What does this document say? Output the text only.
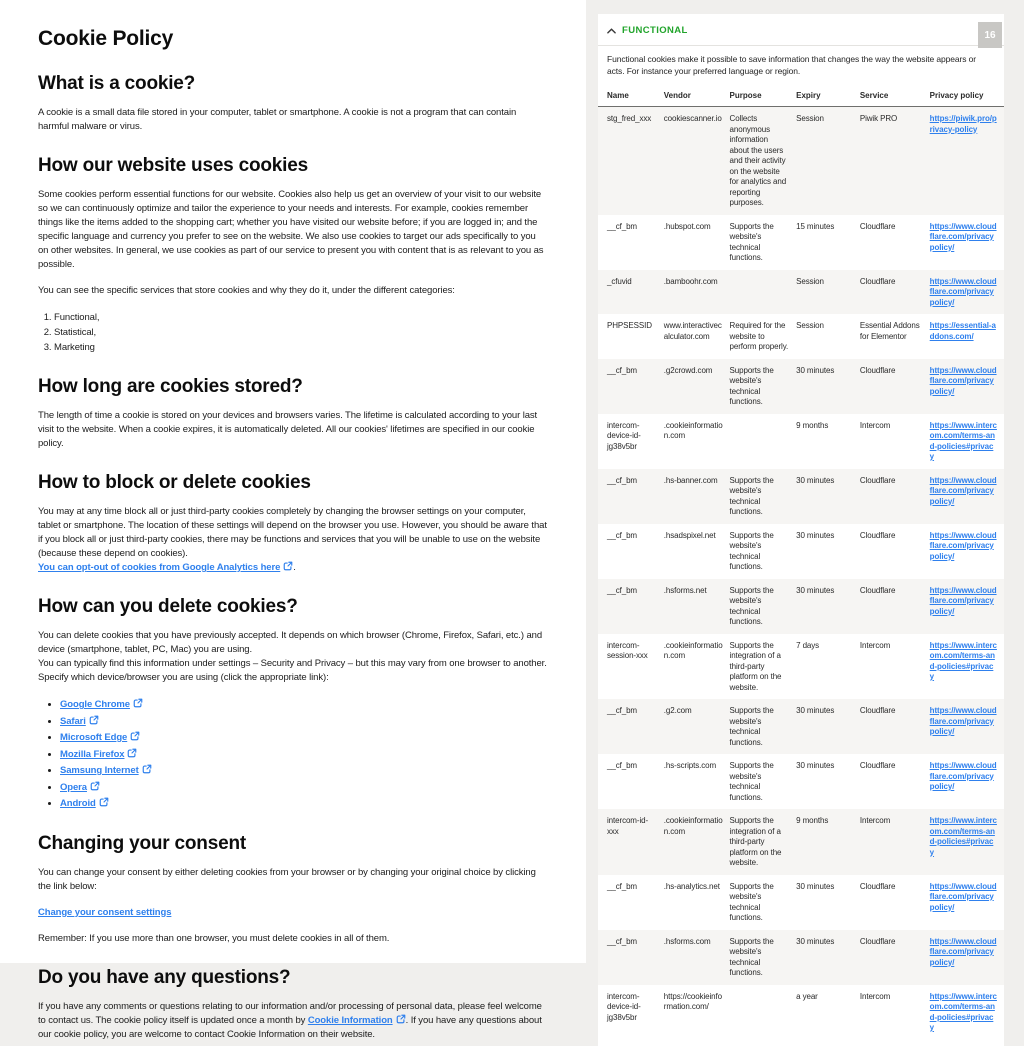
Cookie Policy
What is a cookie?

A cookie is a small data file stored in your computer, tablet or smartphone. A cookie is not a program that can contain harmful malware or virus.

How our website uses cookies

Some cookies perform essential functions for our website. Cookies also help us get an overview of your visit to our website so we can continuously optimize and tailor the experience to your needs and interests. For example, cookies remember things like the items added to the shopping cart; whether you have visited our website before; if you are logged in; and the specific language and currency you prefer to see on the website. We also use cookies to target our ads specifically to you on other websites. In general, we use cookies as part of our service to present you with content that is as relevant to you as possible.

You can see the specific services that store cookies and why they do it, under the different categories:

1. Functional,
2. Statistical,
3. Marketing
How long are cookies stored?

The length of time a cookie is stored on your devices and browsers varies. The lifetime is calculated according to your last visit to the website. When a cookie expires, it is automatically deleted. All our cookies' lifetimes are specified in our cookie policy.

How to block or delete cookies

You may at any time block all or just third-party cookies completely by changing the browser settings on your computer, tablet or smartphone. The location of these settings will depend on the browser you use. However, you should be aware that if you block all or just third-party cookies, there may be functions and services that you will be unable to use on the website (because these depend on cookies).
You can opt-out of cookies from Google Analytics here .

How can you delete cookies?

You can delete cookies that you have previously accepted. It depends on which browser (Chrome, Firefox, Safari, etc.) and device (smartphone, tablet, PC, Mac) you are using.
You can typically find this information under settings – Security and Privacy – but this may vary from one browser to another. Specify which device/browser you are using (click the appropriate link):

• Google Chrome
• Safari
• Microsoft Edge
• Mozilla Firefox
• Samsung Internet
• Opera
• Android
Changing your consent

You can change your consent by either deleting cookies from your browser or by changing your original choice by clicking the link below:

Change your consent settings

Remember: If you use more than one browser, you must delete cookies in all of them.

Do you have any questions?

If you have any comments or questions relating to our information and/or processing of personal data, please feel welcome to contact us. The cookie policy itself is updated once a month by Cookie Information . If you have any questions about our cookie policy, you are welcome to contact Cookie Information on their website.

FUNCTIONAL	16

Functional cookies make it possible to save information that changes the way the website appears or acts. For instance your preferred language or region.

Name	Vendor	Purpose	Expiry	Service	Privacy policy
stg_fred_xxx	cookiescanner.io	Collects anonymous information about the users and their activity on the website for analytics and reporting purposes.	Session	Piwik PRO	https://piwik.pro/privacy-policy
__cf_bm	.hubspot.com	Supports the website's technical functions.	15 minutes	Cloudflare	https://www.cloudflare.com/privacypolicy/
_cfuvid	.bamboohr.com		Session	Cloudflare	https://www.cloudflare.com/privacypolicy/
PHPSESSID	www.interactivecalculator.com	Required for the website to perform properly.	Session	Essential Addons for Elementor	https://essential-addons.com/
__cf_bm	.g2crowd.com	Supports the website's technical functions.	30 minutes	Cloudflare	https://www.cloudflare.com/privacypolicy/
intercom-device-id-jg38v5br	.cookieinformation.com		9 months	Intercom	https://www.intercom.com/terms-and-policies#privacy
__cf_bm	.hs-banner.com	Supports the website's technical functions.	30 minutes	Cloudflare	https://www.cloudflare.com/privacypolicy/
__cf_bm	.hsadspixel.net	Supports the website's technical functions.	30 minutes	Cloudflare	https://www.cloudflare.com/privacypolicy/
__cf_bm	.hsforms.net	Supports the website's technical functions.	30 minutes	Cloudflare	https://www.cloudflare.com/privacypolicy/
intercom-session-xxx	.cookieinformation.com	Supports the integration of a third-party platform on the website.	7 days	Intercom	https://www.intercom.com/terms-and-policies#privacy
__cf_bm	.g2.com	Supports the website's technical functions.	30 minutes	Cloudflare	https://www.cloudflare.com/privacypolicy/
__cf_bm	.hs-scripts.com	Supports the website's technical functions.	30 minutes	Cloudflare	https://www.cloudflare.com/privacypolicy/
intercom-id-xxx	.cookieinformation.com	Supports the integration of a third-party platform on the website.	9 months	Intercom	https://www.intercom.com/terms-and-policies#privacy
__cf_bm	.hs-analytics.net	Supports the website's technical functions.	30 minutes	Cloudflare	https://www.cloudflare.com/privacypolicy/
__cf_bm	.hsforms.com	Supports the website's technical functions.	30 minutes	Cloudflare	https://www.cloudflare.com/privacypolicy/
intercom-device-id-jg38v5br	https://cookieinformation.com/		a year	Intercom	https://www.intercom.com/terms-and-policies#privacy
